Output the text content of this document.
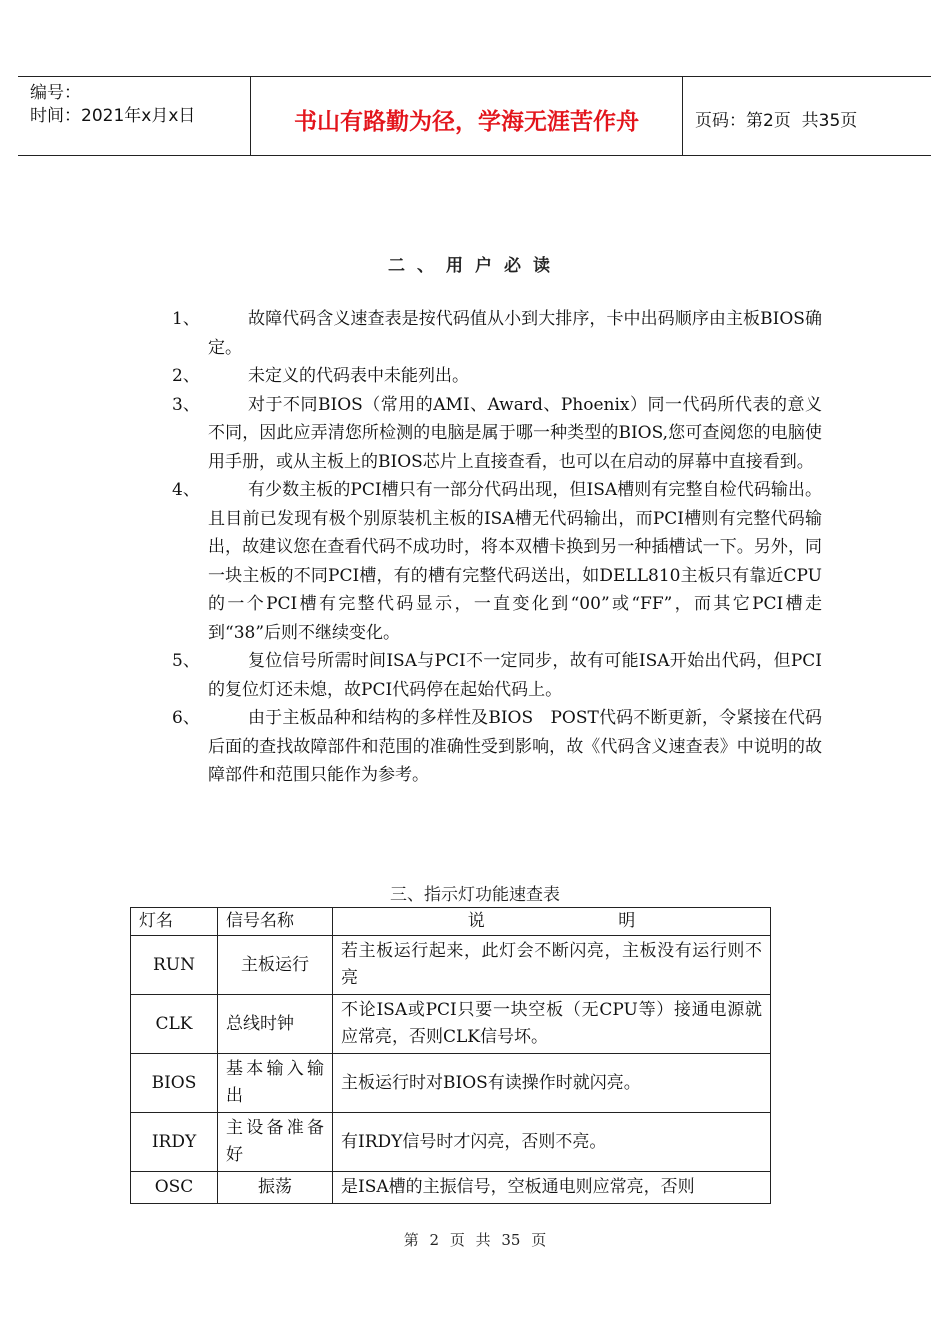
编号：
时间：2021年x月x日	书山有路勤为径，学海无涯苦作舟	页码：第2页  共35页
二、用户必读
1、	故障代码含义速查表是按代码值从小到大排序，卡中出码顺序由主板BIOS确定。
2、	未定义的代码表中未能列出。
3、	对于不同BIOS（常用的AMI、Award、Phoenix）同一代码所代表的意义不同，因此应弄清您所检测的电脑是属于哪一种类型的BIOS,您可查阅您的电脑使用手册，或从主板上的BIOS芯片上直接查看，也可以在启动的屏幕中直接看到。
4、	有少数主板的PCI槽只有一部分代码出现，但ISA槽则有完整自检代码输出。且目前已发现有极个别原装机主板的ISA槽无代码输出，而PCI槽则有完整代码输出，故建议您在查看代码不成功时，将本双槽卡换到另一种插槽试一下。另外，同一块主板的不同PCI槽，有的槽有完整代码送出，如DELL810主板只有靠近CPU的一个PCI槽有完整代码显示，一直变化到“00”或“FF”，而其它PCI槽走到“38”后则不继续变化。
5、	复位信号所需时间ISA与PCI不一定同步，故有可能ISA开始出代码，但PCI的复位灯还未熄，故PCI代码停在起始代码上。
6、	由于主板品种和结构的多样性及BIOS　POST代码不断更新，令紧接在代码后面的查找故障部件和范围的准确性受到影响，故《代码含义速查表》中说明的故障部件和范围只能作为参考。
三、指示灯功能速查表
灯名	信号名称	说 明

RUN	主板运行	若主板运行起来，此灯会不断闪亮，主板没有运行则不亮
CLK	总线时钟	不论ISA或PCI只要一块空板（无CPU等）接通电源就应常亮，否则CLK信号坏。
BIOS	基本输入输出	主板运行时对BIOS有读操作时就闪亮。
IRDY	主设备准备好	有IRDY信号时才闪亮，否则不亮。
OSC	振荡	是ISA槽的主振信号，空板通电则应常亮，否则
第 2 页 共 35 页
